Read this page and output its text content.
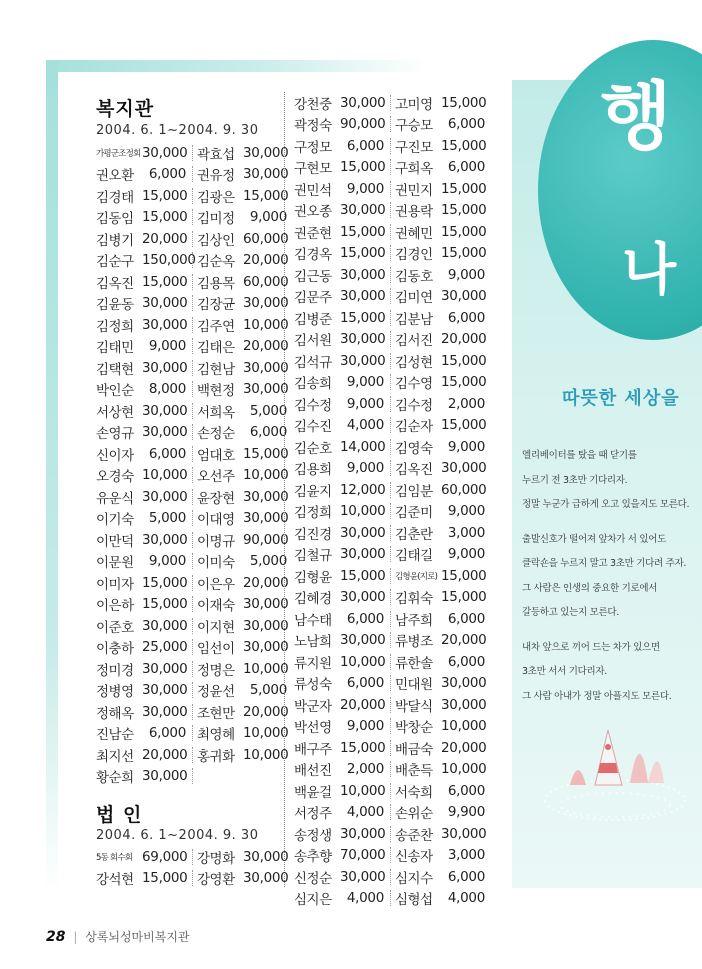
복지관
2004. 6. 1~2004. 9. 30
가평군조정회 30,000 곽효섭 30,000
권오환	6,000 권유정 30,000
김경태 15,000 김광은 15,000
김동임 15,000 김미정	9,000
김병기 20,000 김상인 60,000
김순구 150,000 김순옥 20,000
김옥진 15,000 김용목 60,000
김윤동 30,000 김장균 30,000
김정희 30,000 김주연 10,000
김태민	9,000 김태은 20,000
김택현 30,000 김현남 30,000
박인순	8,000 백현정 30,000
서상현 30,000 서희옥	5,000
손영규 30,000 손정순	6,000
신이자	6,000 엄대호 15,000
오경숙 10,000 오선주 10,000
유운식 30,000 윤장현 30,000
이기숙	5,000 이대영 30,000
이만덕 30,000 이명규 90,000
이문원	9,000 이미숙	5,000
이미자 15,000 이은우 20,000
이은하 15,000 이재숙 30,000
이준호 30,000 이지현 30,000
이충하 25,000 임선이 30,000
정미경 30,000 정명은 10,000
정병영 30,000 정윤선	5,000
정해옥 30,000 조현만 20,000
진남순	6,000 최영혜 10,000
최지선 20,000 홍귀화 10,000
황순희 30,000
강천중 30,000 고미영 15,000
곽정숙 90,000 구승모	6,000
구정모	6,000 구진모 15,000
구현모 15,000 구희옥	6,000
권민석	9,000 권민지 15,000
권오종 30,000 권용락 15,000
권준현 15,000 권혜민 15,000
김경옥 15,000 김경인 15,000
김근동 30,000 김동호	9,000
김문주 30,000 김미연 30,000
김병준 15,000 김분남	6,000
김서원 30,000 김서진 20,000
김석규 30,000 김성현 15,000
김송희	9,000 김수영 15,000
김수정	9,000 김수정	2,000
김수진	4,000 김순자 15,000
김순호 14,000 김영숙	9,000
김용희	9,000 김옥진 30,000
김윤지 12,000 김임분 60,000
김정희 10,000 김준미	9,000
김진경 30,000 김춘란	3,000
김철규 30,000 김태길	9,000
김형윤 15,000 김형윤(지로) 15,000
김혜경 30,000 김휘숙 15,000
남수태	6,000 남주희	6,000
노남희 30,000 류병조 20,000
류지원 10,000 류한솔	6,000
류성숙	6,000 민대원 30,000
박군자 20,000 박달식 30,000
박선영	9,000 박창순 10,000
배구주 15,000 배금숙 20,000
배선진	2,000 배춘득 10,000
백윤걸 10,000 서숙희	6,000
서정주	4,000 손위순	9,900
송정생 30,000 송준찬 30,000
송추향 70,000 신송자	3,000
신정순 30,000 심지수	6,000
심지은	4,000 심형섭	4,000
법 인
2004. 6. 1~2004. 9. 30
5동 회수회 69,000 강명화 30,000
강석현 15,000 강영환 30,000
행
나
따뜻한 세상을
엘리베이터를 탔을 때 닫기를
누르기 전 3초만 기다리자.
정말 누군가 급하게 오고 있을지도 모른다.
출발신호가 떨어져 앞차가 서 있어도
클락숀을 누르지 말고 3초만 기다려 주자.
그 사람은 인생의 중요한 기로에서
갈등하고 있는지 모른다.
내차 앞으로 끼어 드는 차가 있으면
3초만 서서 기다리자.
그 사람 아내가 정말 아플지도 모른다.
28 | 상록뇌성마비복지관
